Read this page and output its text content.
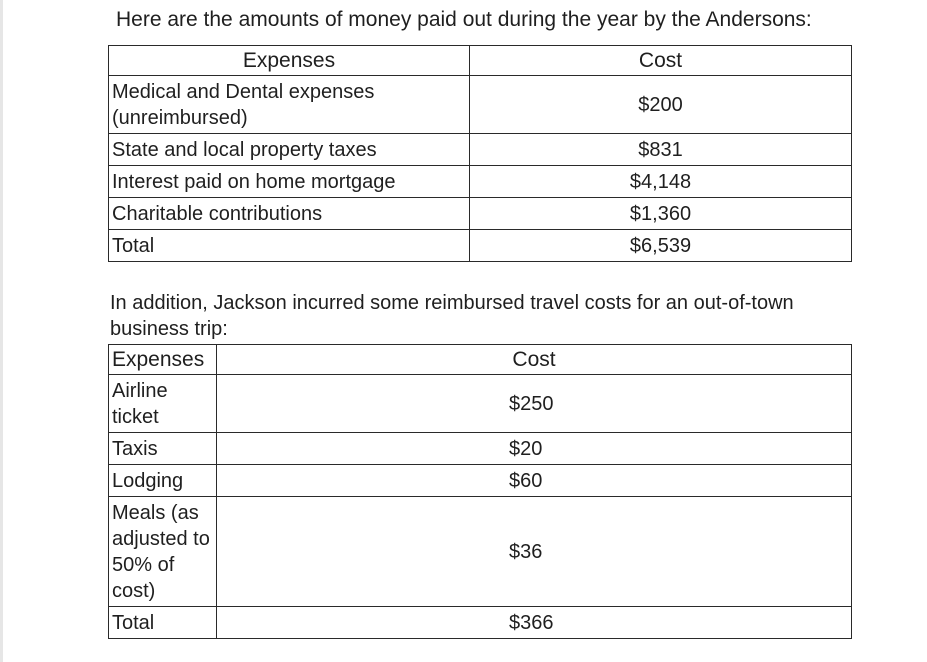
Here are the amounts of money paid out during the year by the Andersons:
Expenses	Cost
Medical and Dental expenses (unreimbursed)	$200
State and local property taxes	$831
Interest paid on home mortgage	$4,148
Charitable contributions	$1,360
Total	$6,539
In addition, Jackson incurred some reimbursed travel costs for an out-of-town business trip:
Expenses	Cost
Airline ticket	$250
Taxis	$20
Lodging	$60
Meals (as adjusted to 50% of cost)	$36
Total	$366
